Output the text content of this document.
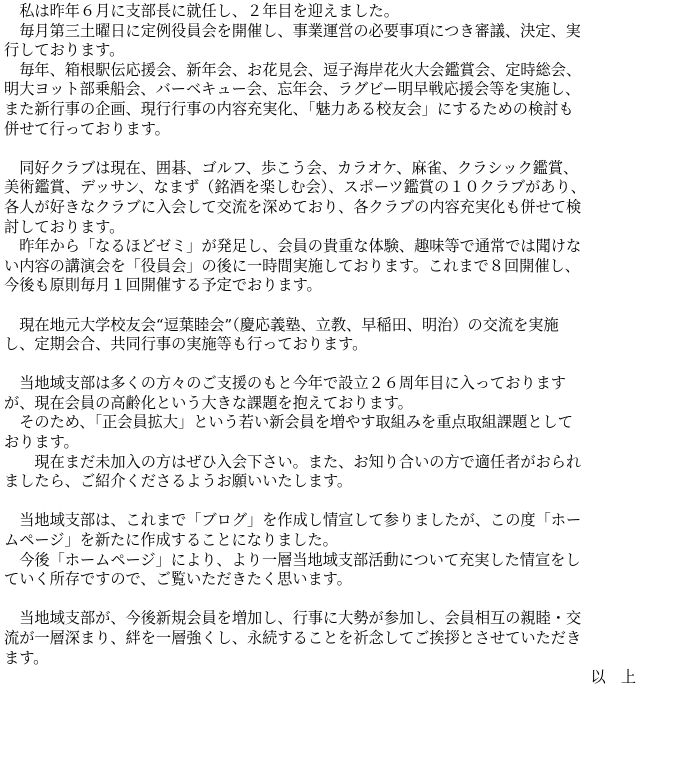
　私は昨年６月に支部長に就任し、２年目を迎えました。
　毎月第三土曜日に定例役員会を開催し、事業運営の必要事項につき審議、決定、実
行しております。
　毎年、箱根駅伝応援会、新年会、お花見会、逗子海岸花火大会鑑賞会、定時総会、
明大ヨット部乗船会、バーベキュー会、忘年会、ラグビー明早戦応援会等を実施し、
また新行事の企画、現行行事の内容充実化、「魅力ある校友会」にするための検討も
併せて行っております。
　同好クラブは現在、囲碁、ゴルフ、歩こう会、カラオケ、麻雀、クラシック鑑賞、
美術鑑賞、デッサン、なまず（銘酒を楽しむ会）、スポーツ鑑賞の１０クラブがあり、
各人が好きなクラブに入会して交流を深めており、各クラブの内容充実化も併せて検
討しております。
　昨年から「なるほどゼミ」が発足し、会員の貴重な体験、趣味等で通常では聞けな
い内容の講演会を「役員会」の後に一時間実施しております。これまで８回開催し、
今後も原則毎月１回開催する予定でおります。
　現在地元大学校友会“逗葉睦会”（慶応義塾、立教、早稲田、明治）の交流を実施
し、定期会合、共同行事の実施等も行っております。
　当地域支部は多くの方々のご支援のもと今年で設立２６周年目に入っております
が、現在会員の高齢化という大きな課題を抱えております。
　そのため、「正会員拡大」という若い新会員を増やす取組みを重点取組課題として
おります。
　　現在まだ未加入の方はぜひ入会下さい。また、お知り合いの方で適任者がおられ
ましたら、ご紹介くださるようお願いいたします。
　当地域支部は、これまで「ブログ」を作成し情宣して参りましたが、この度「ホー
ムページ」を新たに作成することになりました。
　今後「ホームページ」により、より一層当地域支部活動について充実した情宣をし
ていく所存ですので、ご覧いただきたく思います。
　当地域支部が、今後新規会員を増加し、行事に大勢が参加し、会員相互の親睦・交
流が一層深まり、絆を一層強くし、永続することを祈念してご挨拶とさせていただき
ます。
以　上
